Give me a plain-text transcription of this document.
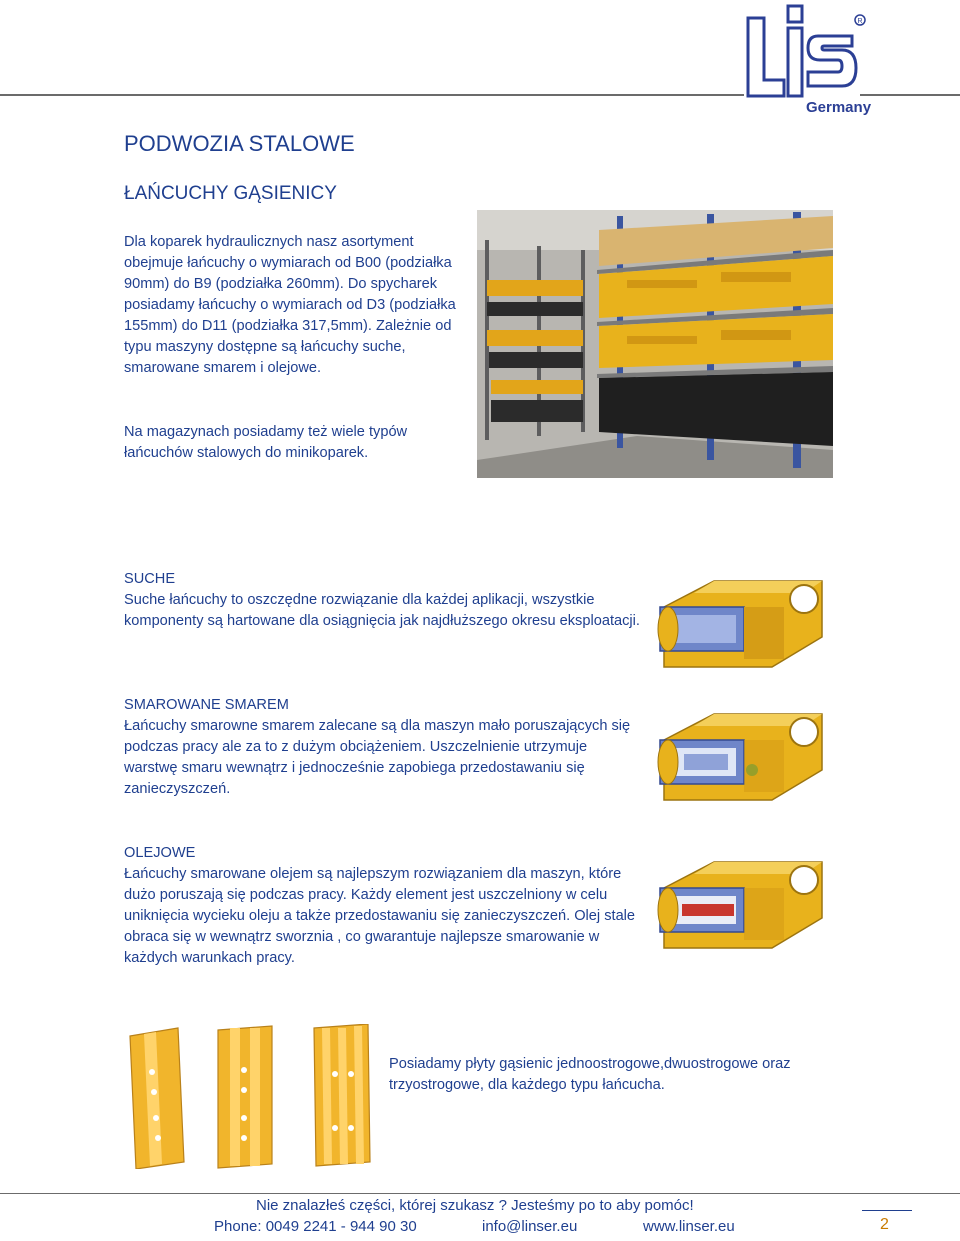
R
Germany
PODWOZIA STALOWE
ŁAŃCUCHY GĄSIENICY
Dla koparek hydraulicznych nasz asortyment obejmuje łańcuchy o wymiarach od B00 (podziałka 90mm) do B9 (podziałka 260mm). Do spycharek posiadamy łańcuchy o wymiarach od D3 (podziałka 155mm) do D11 (podziałka 317,5mm). Zależnie od typu maszyny dostępne są łańcuchy suche, smarowane smarem i olejowe.
Na magazynach posiadamy też wiele typów łańcuchów stalowych do minikoparek.
SUCHE
Suche łańcuchy to oszczędne rozwiązanie dla każdej aplikacji, wszystkie komponenty są hartowane dla osiągnięcia jak najdłuższego okresu eksploatacji.
SMAROWANE SMAREM
Łańcuchy smarowne smarem zalecane są dla maszyn mało poruszających się podczas pracy ale za to z dużym obciążeniem. Uszczelnienie utrzymuje warstwę smaru wewnątrz i jednocześnie zapobiega przedostawaniu się zanieczyszczeń.
OLEJOWE
Łańcuchy smarowane olejem są najlepszym rozwiązaniem dla maszyn, które dużo poruszają się podczas pracy. Każdy element jest uszczelniony w celu uniknięcia wycieku oleju a także przedostawaniu się zanieczyszczeń. Olej stale obraca się w wewnątrz sworznia , co gwarantuje najlepsze smarowanie w każdych warunkach pracy.
Posiadamy płyty gąsienic jednoostrogowe,dwuostrogowe oraz trzyostrogowe, dla każdego typu łańcucha.
Nie znalazłeś części, której szukasz ? Jesteśmy po to aby pomóc!
Phone: 0049 2241 - 944 90 30	info@linser.eu	www.linser.eu	2
